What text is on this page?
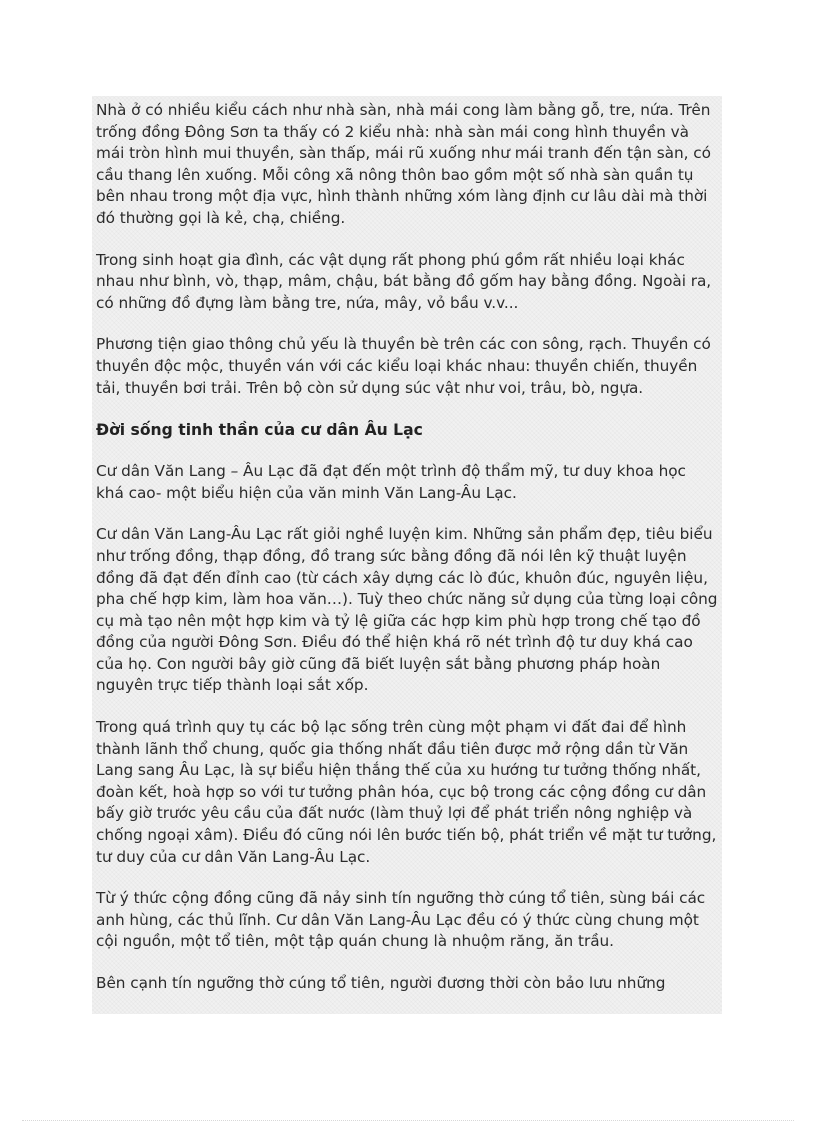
Nhà ở có nhiều kiểu cách như nhà sàn, nhà mái cong làm bằng gỗ, tre, nứa. Trên trống đồng Đông Sơn ta thấy có 2 kiểu nhà: nhà sàn mái cong hình thuyền và mái tròn hình mui thuyền, sàn thấp, mái rũ xuống như mái tranh đến tận sàn, có cầu thang lên xuống. Mỗi công xã nông thôn bao gồm một số nhà sàn quần tụ bên nhau trong một địa vực, hình thành những xóm làng định cư lâu dài mà thời đó thường gọi là kẻ, chạ, chiềng.

Trong sinh hoạt gia đình, các vật dụng rất phong phú gồm rất nhiều loại khác nhau như bình, vò, thạp, mâm, chậu, bát bằng đồ gốm hay bằng đồng. Ngoài ra, có những đồ đựng làm bằng tre, nứa, mây, vỏ bầu v.v...

Phương tiện giao thông chủ yếu là thuyền bè trên các con sông, rạch. Thuyền có thuyền độc mộc, thuyền ván với các kiểu loại khác nhau: thuyền chiến, thuyền tải, thuyền bơi trải. Trên bộ còn sử dụng súc vật như voi, trâu, bò, ngựa.

Đời sống tinh thần của cư dân Âu Lạc

Cư dân Văn Lang – Âu Lạc đã đạt đến một trình độ thẩm mỹ, tư duy khoa học khá cao- một biểu hiện của văn minh Văn Lang-Âu Lạc.

Cư dân Văn Lang-Âu Lạc rất giỏi nghề luyện kim. Những sản phẩm đẹp, tiêu biểu như trống đồng, thạp đồng, đồ trang sức bằng đồng đã nói lên kỹ thuật luyện đồng đã đạt đến đỉnh cao (từ cách xây dựng các lò đúc, khuôn đúc, nguyên liệu, pha chế hợp kim, làm hoa văn…). Tuỳ theo chức năng sử dụng của từng loại công cụ mà tạo nên một hợp kim và tỷ lệ giữa các hợp kim phù hợp trong chế tạo đồ đồng của người Đông Sơn. Điều đó thể hiện khá rõ nét trình độ tư duy khá cao của họ. Con người bây giờ cũng đã biết luyện sắt bằng phương pháp hoàn nguyên trực tiếp thành loại sắt xốp.

Trong quá trình quy tụ các bộ lạc sống trên cùng một phạm vi đất đai để hình thành lãnh thổ chung, quốc gia thống nhất đầu tiên được mở rộng dần từ Văn Lang sang Âu Lạc, là sự biểu hiện thắng thế của xu hướng tư tưởng thống nhất, đoàn kết, hoà hợp so với tư tưởng phân hóa, cục bộ trong các cộng đồng cư dân bấy giờ trước yêu cầu của đất nước (làm thuỷ lợi để phát triển nông nghiệp và chống ngoại xâm). Điều đó cũng nói lên bước tiến bộ, phát triển về mặt tư tưởng, tư duy của cư dân Văn Lang-Âu Lạc.

Từ ý thức cộng đồng cũng đã nảy sinh tín ngưỡng thờ cúng tổ tiên, sùng bái các anh hùng, các thủ lĩnh. Cư dân Văn Lang-Âu Lạc đều có ý thức cùng chung một cội nguồn, một tổ tiên, một tập quán chung là nhuộm răng, ăn trầu.

Bên cạnh tín ngưỡng thờ cúng tổ tiên, người đương thời còn bảo lưu những
